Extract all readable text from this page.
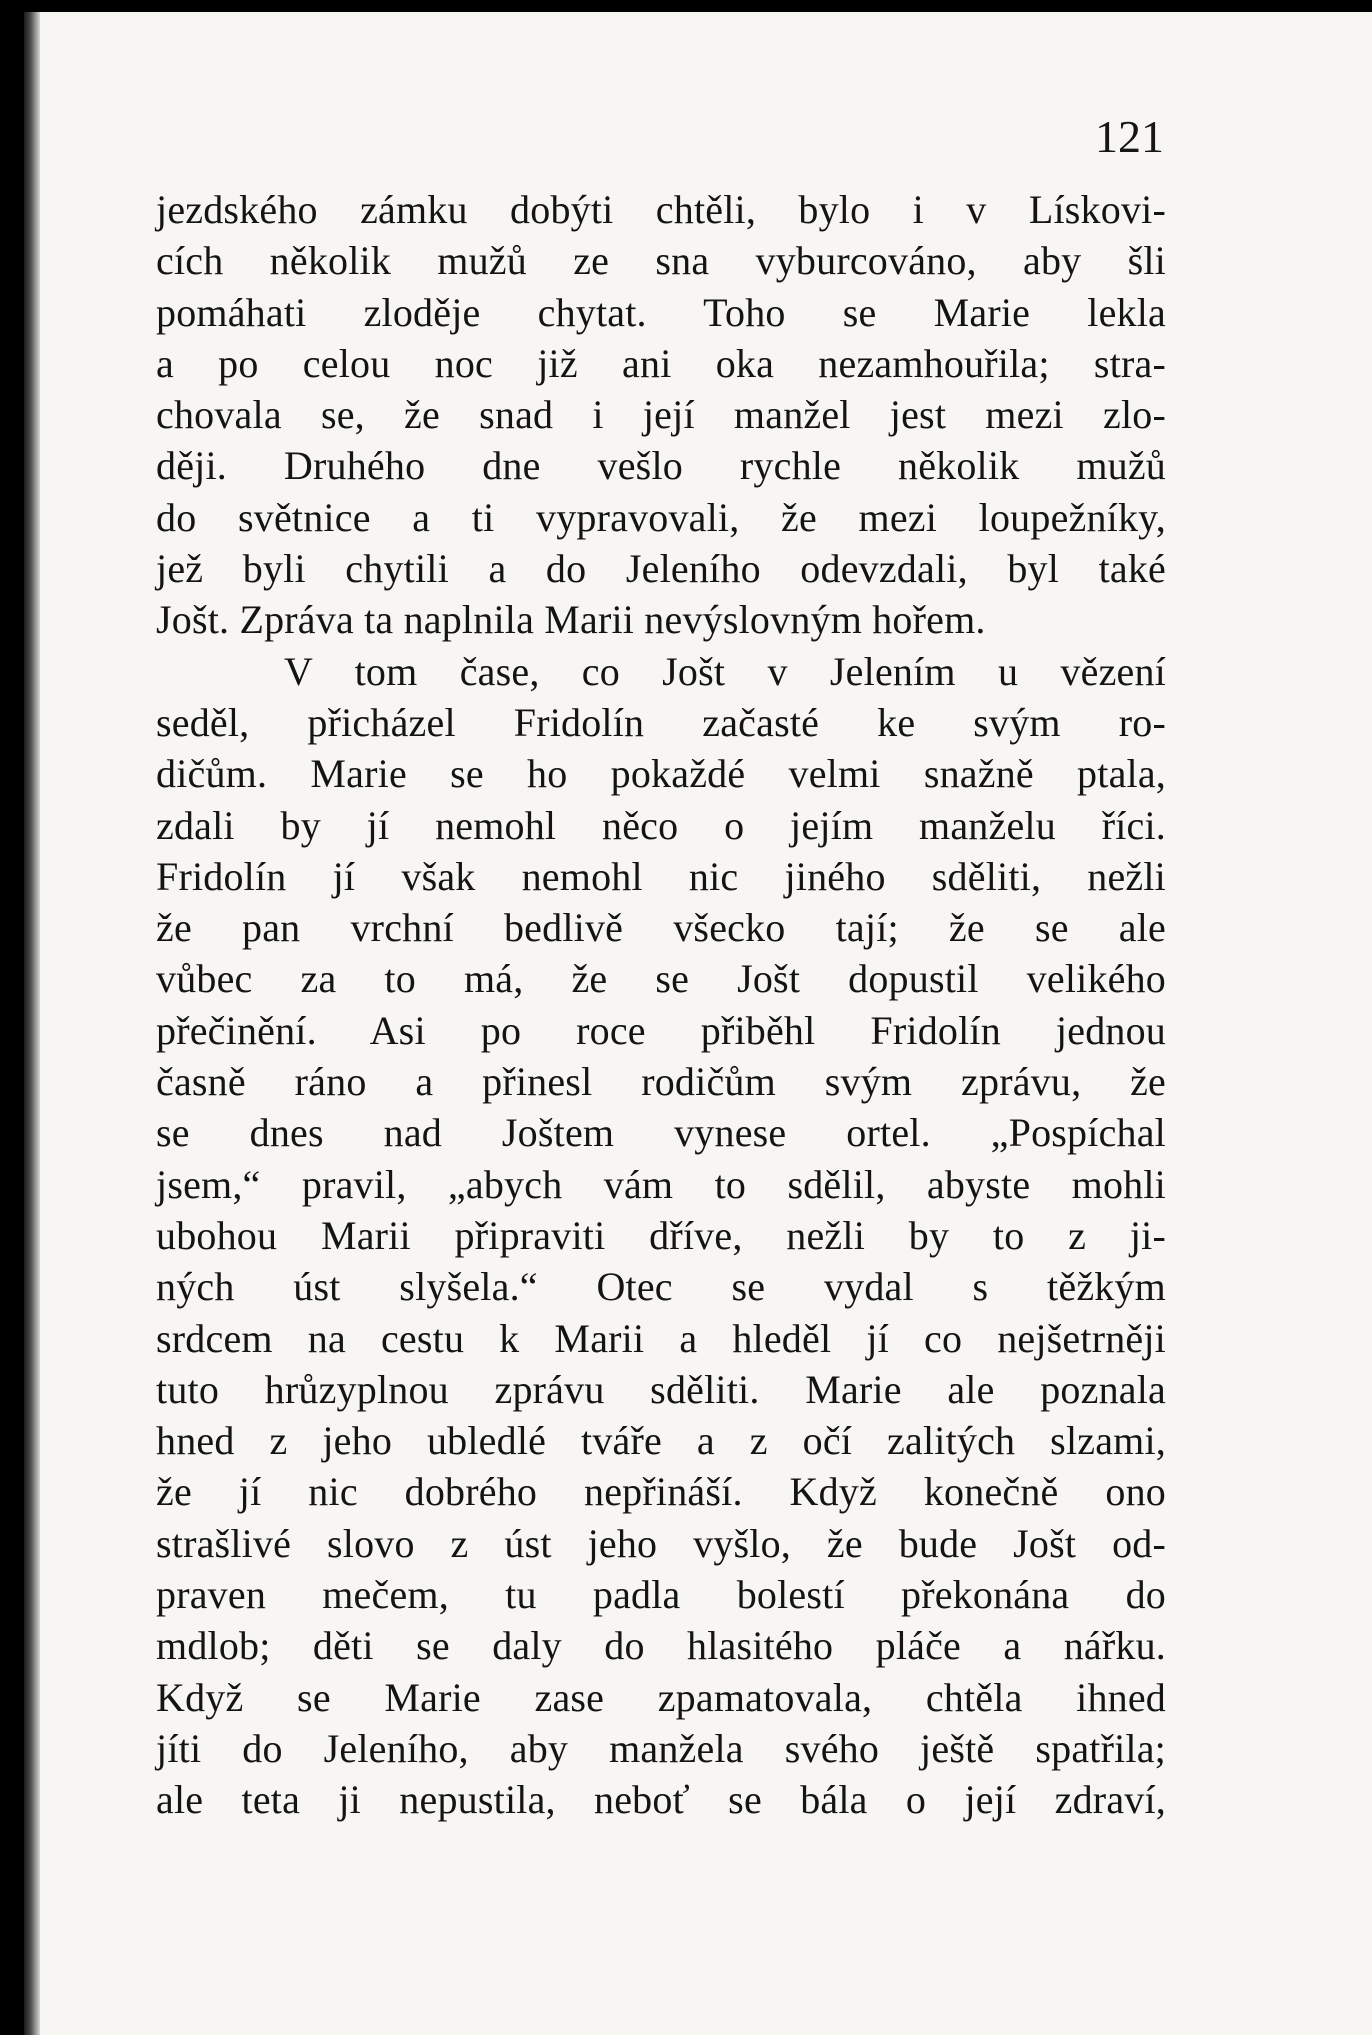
121
jezdského zámku dobýti chtěli, bylo i v Lískovi-
cích několik mužů ze sna vyburcováno, aby šli
pomáhati zloděje chytat. Toho se Marie lekla
a po celou noc již ani oka nezamhouřila; stra-
chovala se, že snad i její manžel jest mezi zlo-
ději. Druhého dne vešlo rychle několik mužů
do světnice a ti vypravovali, že mezi loupežníky,
jež byli chytili a do Jeleního odevzdali, byl také
Jošt. Zpráva ta naplnila Marii nevýslovným hořem.
V tom čase, co Jošt v Jelením u vězení
seděl, přicházel Fridolín začasté ke svým ro-
dičům. Marie se ho pokaždé velmi snažně ptala,
zdali by jí nemohl něco o jejím manželu říci.
Fridolín jí však nemohl nic jiného sděliti, nežli
že pan vrchní bedlivě všecko tají; že se ale
vůbec za to má, že se Jošt dopustil velikého
přečinění. Asi po roce přiběhl Fridolín jednou
časně ráno a přinesl rodičům svým zprávu, že
se dnes nad Joštem vynese ortel. „Pospíchal
jsem,“ pravil, „abych vám to sdělil, abyste mohli
ubohou Marii připraviti dříve, nežli by to z ji-
ných úst slyšela.“ Otec se vydal s těžkým
srdcem na cestu k Marii a hleděl jí co nejšetrněji
tuto hrůzyplnou zprávu sděliti. Marie ale poznala
hned z jeho ubledlé tváře a z očí zalitých slzami,
že jí nic dobrého nepřináší. Když konečně ono
strašlivé slovo z úst jeho vyšlo, že bude Jošt od-
praven mečem, tu padla bolestí překonána do
mdlob; děti se daly do hlasitého pláče a nářku.
Když se Marie zase zpamatovala, chtěla ihned
jíti do Jeleního, aby manžela svého ještě spatřila;
ale teta ji nepustila, neboť se bála o její zdraví,
